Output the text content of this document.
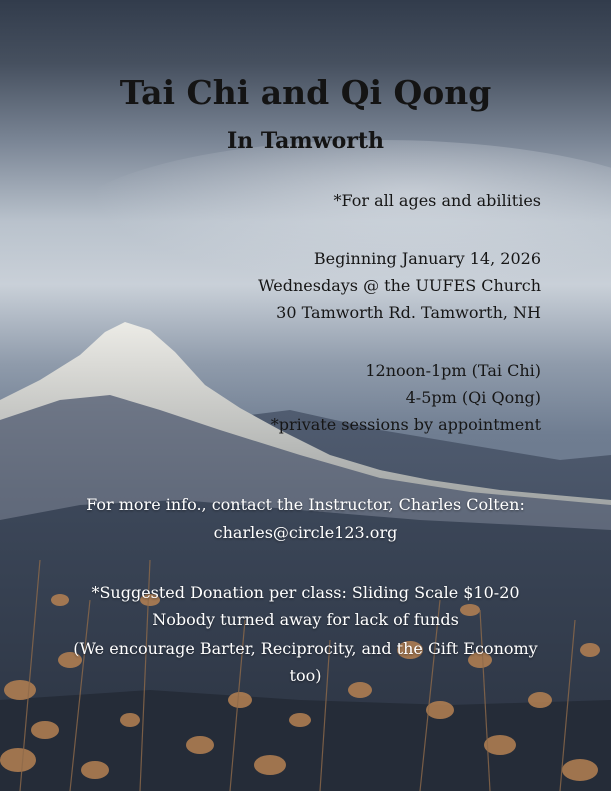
Tai Chi and Qi Qong
In Tamworth

*For all ages and abilities

Beginning January 14, 2026

Wednesdays @ the UUFES Church

30 Tamworth Rd. Tamworth, NH

12noon-1pm (Tai Chi)

4-5pm (Qi Qong)

*private sessions by appointment

For more info., contact the Instructor, Charles Colten:

charles@circle123.org

*Suggested Donation per class: Sliding Scale $10-20

Nobody turned away for lack of funds

(We encourage Barter, Reciprocity, and the Gift Economy

too)
